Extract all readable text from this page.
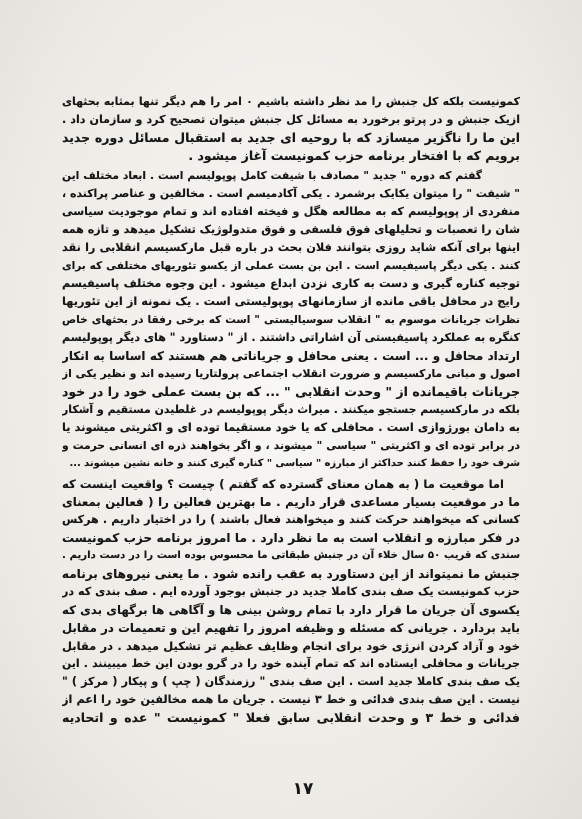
کمونیست بلکه کل جنبش را مد نظر داشته باشیم ۰ امر را هم دیگر تنها بمثابه بحثهای
ازیک جنبش و در پرتو برخورد به مسائل کل جنبش میتوان تصحیح کرد و سازمان داد .
این ما را ناگزیر میسازد که با روحیه ای جدید به استقبال مسائل دوره جدید
برویم که با افتخار برنامه حزب کمونیست آغاز میشود .
گفتم که دوره " جدید " مصادف با شیفت کامل پوپولیسم است . ابعاد مختلف این
" شیفت " را میتوان یکایک برشمرد . یکی آکادمیسم است . مخالفین و عناصر پراکنده ،
منفردی از پوپولیسم که به مطالعه هگل و فیخته افتاده اند و تمام موجودیت سیاسی
شان را تعصبات و تحلیلهای فوق فلسفی و فوق متدولوژیک تشکیل میدهد و تازه همه
اینها برای آنکه شاید روزی بتوانند فلان بحث در باره قبل مارکسیسم انقلابی را نقد
کنند . یکی دیگر پاسیفیسم است . این بن بست عملی از یکسو تئوریهای مختلفی که برای
توجیه کناره گیری و دست به کاری نزدن ابداع میشود . این وجوه مختلف پاسیفیسم
رایج در محافل باقی مانده از سازمانهای پوپولیستی است . یک نمونه از این تئوریها
نظرات جریانات موسوم به " انقلاب سوسیالیستی " است که برخی رفقا در بحثهای خاص
کنگره به عملکرد پاسیفیستی آن اشاراتی داشتند . از " دستاورد " های دیگر پوپولیسم
ارتداد محافل و ... است . یعنی محافل و جریاناتی هم هستند که اساسا به انکار
اصول و مبانی مارکسیسم و ضرورت انقلاب اجتماعی پرولتاریا رسیده اند و نظیر یکی از
جریانات باقیمانده از " وحدت انقلابی " ... که بن بست عملی خود را در خود
بلکه در مارکسیسم جستجو میکنند . میراث دیگر پوپولیسم در غلطیدن مستقیم و آشکار
به دامان بورژوازی است . محافلی که یا خود مستقیما توده ای و اکثریتی میشوند یا
در برابر توده ای و اکثریتی " سیاسی " میشوند ، و اگر بخواهند ذره ای انسانی حرمت و
شرف خود را حفظ کنند حداکثر از مبارزه " سیاسی " کناره گیری کنند و خانه نشین میشوند ...
اما موقعیت ما ( به همان معنای گسترده که گفتم ) چیست ؟ واقعیت اینست که
ما در موقعیت بسیار مساعدی قرار داریم . ما بهترین فعالین را ( فعالین بمعنای
کسانی که میخواهند حرکت کنند و میخواهند فعال باشند ) را در اختیار داریم . هرکس
در فکر مبارزه و انقلاب است به ما نظر دارد . ما امروز برنامه حزب کمونیست
سندی که قریب ۵۰ سال خلاء آن در جنبش طبقاتی ما محسوس بوده است را در دست داریم .
جنبش ما نمیتواند از این دستاورد به عقب رانده شود . ما یعنی نیروهای برنامه
حزب کمونیست یک صف بندی کاملا جدید در جنبش بوجود آورده ایم . صف بندی که در
یکسوی آن جریان ما قرار دارد با تمام روشن بینی ها و آگاهی ها برگهای بدی که
باید بردارد . جریانی که مسئله و وظیفه امروز را تفهیم این و تعمیمات در مقابل
خود و آزاد کردن انرژی خود برای انجام وظایف عظیم تر تشکیل میدهد . در مقابل
جریانات و محافلی ایستاده اند که تمام آینده خود را در گرو بودن این خط میبینند . این
یک صف بندی کاملا جدید است . این صف بندی " رزمندگان ( چپ ) و پیکار ( مرکز ) "
نیست . این صف بندی فدائی و خط ۳ نیست . جریان ما همه مخالفین خود را اعم از
فدائی و خط ۳ و وحدت انقلابی سابق فعلا " کمونیست " عده و اتحادیه
۱۷
